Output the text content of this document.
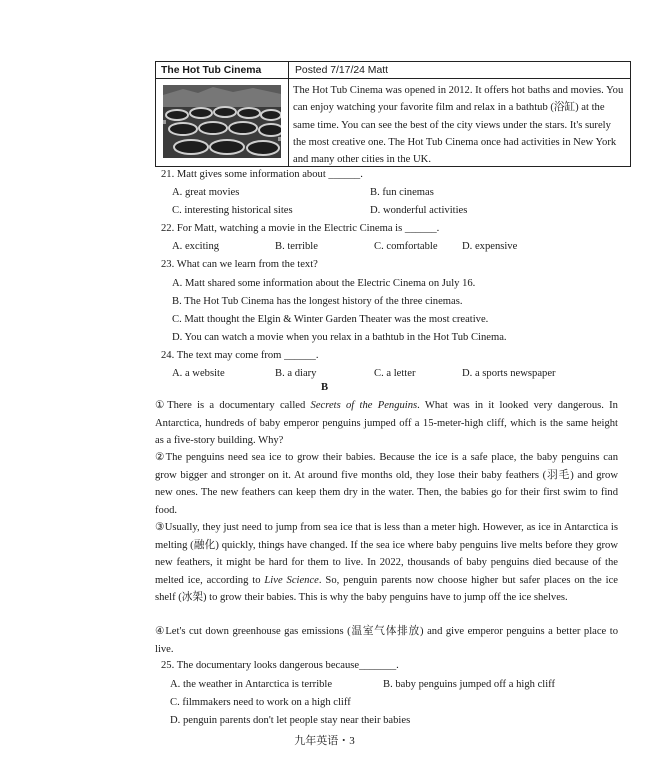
The Hot Tub Cinema	Posted 7/17/24 Matt
The Hot Tub Cinema was opened in 2012. It offers hot baths and movies. You can enjoy watching your favorite film and relax in a bathtub (浴缸) at the same time. You can see the best of the city views under the stars. It's surely the most creative one. The Hot Tub Cinema once had activities in New York and many other cities in the UK.
21. Matt gives some information about ______.
A. great movies	B. fun cinemas
C. interesting historical sites	D. wonderful activities
22. For Matt, watching a movie in the Electric Cinema is ______.
A. exciting	B. terrible	C. comfortable D. expensive
23. What can we learn from the text?
A. Matt shared some information about the Electric Cinema on July 16.
B. The Hot Tub Cinema has the longest history of the three cinemas.
C. Matt thought the Elgin & Winter Garden Theater was the most creative.
D. You can watch a movie when you relax in a bathtub in the Hot Tub Cinema.
24. The text may come from ______.
A. a website	B. a diary	C. a letter	D. a sports newspaper
B
①There is a documentary called Secrets of the Penguins. What was in it looked very dangerous. In Antarctica, hundreds of baby emperor penguins jumped off a 15-meter-high cliff, which is the same height as a five-story building. Why?
②The penguins need sea ice to grow their babies. Because the ice is a safe place, the baby penguins can grow bigger and stronger on it. At around five months old, they lose their baby feathers (羽毛) and grow new ones. The new feathers can keep them dry in the water. Then, the babies go for their first swim to find food.
③Usually, they just need to jump from sea ice that is less than a meter high. However, as ice in Antarctica is melting (融化) quickly, things have changed. If the sea ice where baby penguins live melts before they grow new feathers, it might be hard for them to live. In 2022, thousands of baby penguins died because of the melted ice, according to Live Science. So, penguin parents now choose higher but safer places on the ice shelf (冰架) to grow their babies. This is why the baby penguins have to jump off the ice shelves.
④Let's cut down greenhouse gas emissions (温室气体排放) and give emperor penguins a better place to live.
25. The documentary looks dangerous because_______.
A. the weather in Antarctica is terrible	B. baby penguins jumped off a high cliff
C. filmmakers need to work on a high cliff
D. penguin parents don't let people stay near their babies
九年英语・3
